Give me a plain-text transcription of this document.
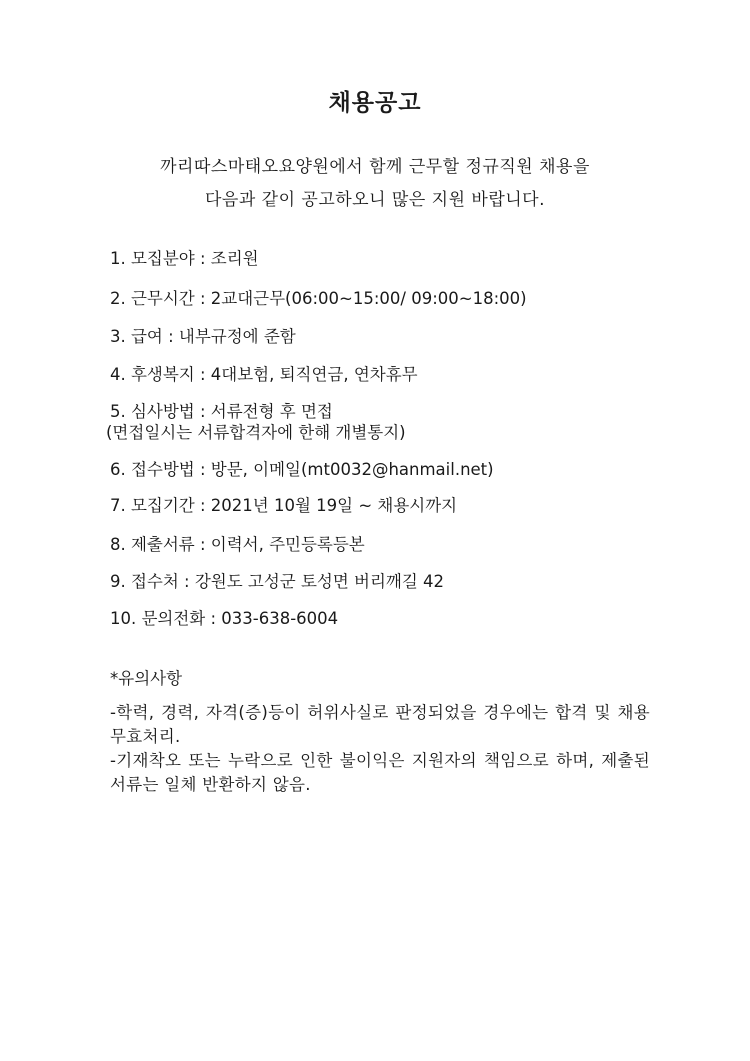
채용공고
까리따스마태오요양원에서 함께 근무할 정규직원 채용을
다음과 같이 공고하오니 많은 지원 바랍니다.
1. 모집분야 : 조리원
2. 근무시간 : 2교대근무(06:00~15:00/ 09:00~18:00)
3. 급여 : 내부규정에 준함
4. 후생복지 : 4대보험, 퇴직연금, 연차휴무
5. 심사방법 : 서류전형 후 면접
(면접일시는 서류합격자에 한해 개별통지)
6. 접수방법 : 방문, 이메일(mt0032@hanmail.net)
7. 모집기간 : 2021년 10월 19일 ~ 채용시까지
8. 제출서류 : 이력서, 주민등록등본
9. 접수처 : 강원도 고성군 토성면 버리깨길 42
10. 문의전화 : 033-638-6004
*유의사항
-학력, 경력, 자격(증)등이 허위사실로 판정되었을 경우에는 합격 및 채용 무효처리.
-기재착오 또는 누락으로 인한 불이익은 지원자의 책임으로 하며, 제출된 서류는 일체 반환하지 않음.
